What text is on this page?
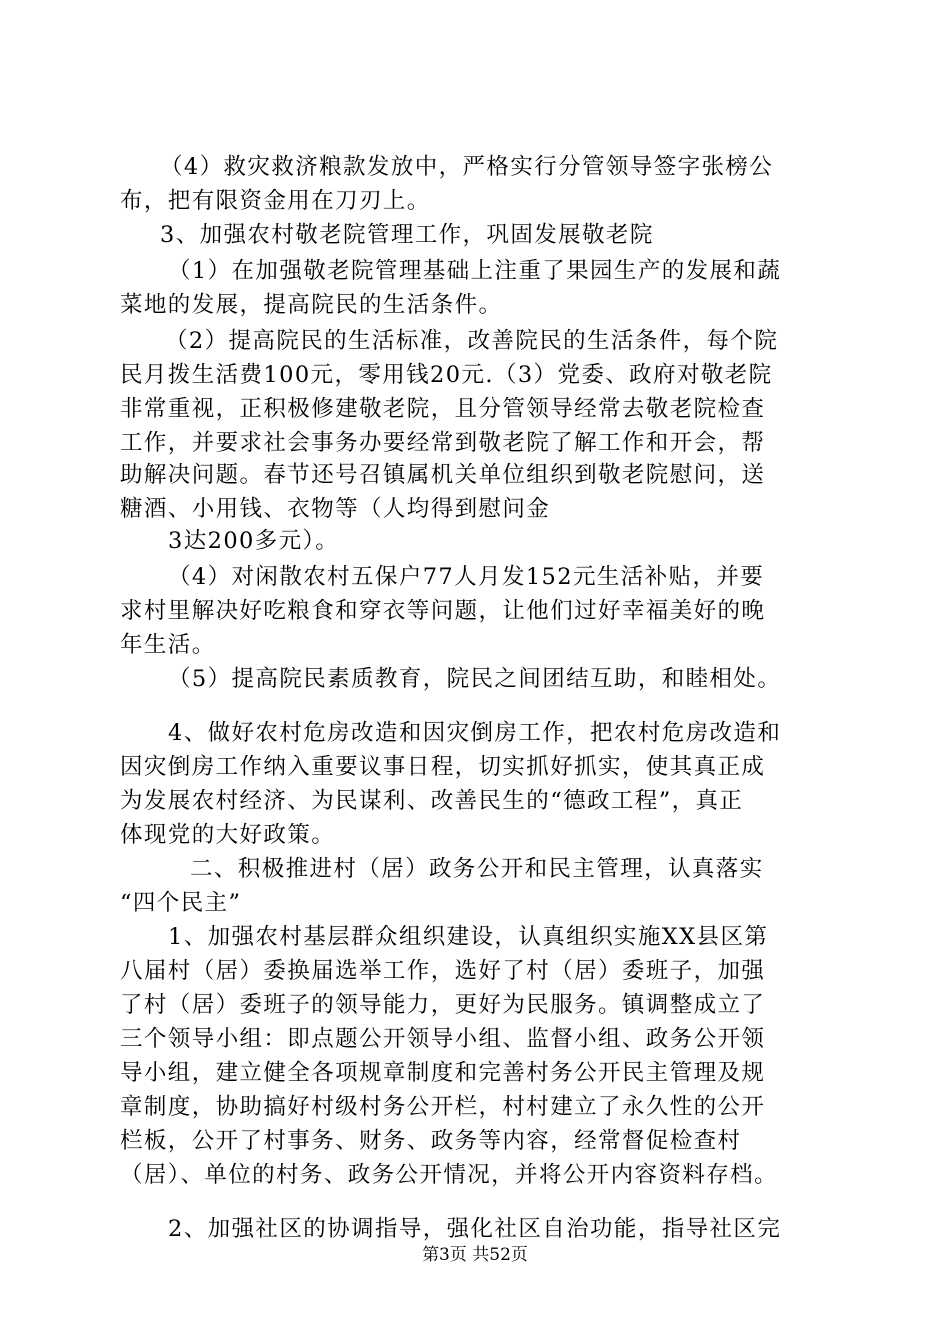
（4）救灾救济粮款发放中，严格实行分管领导签字张榜公
布，把有限资金用在刀刃上。
3、加强农村敬老院管理工作，巩固发展敬老院
（1）在加强敬老院管理基础上注重了果园生产的发展和蔬
菜地的发展，提高院民的生活条件。
（2）提高院民的生活标准，改善院民的生活条件，每个院
民月拨生活费100元，零用钱20元.（3）党委、政府对敬老院
非常重视，正积极修建敬老院，且分管领导经常去敬老院检查
工作，并要求社会事务办要经常到敬老院了解工作和开会，帮
助解决问题。春节还号召镇属机关单位组织到敬老院慰问，送
糖酒、小用钱、衣物等（人均得到慰问金
3达200多元）。
（4）对闲散农村五保户77人月发152元生活补贴，并要
求村里解决好吃粮食和穿衣等问题，让他们过好幸福美好的晚
年生活。
（5）提高院民素质教育，院民之间团结互助，和睦相处。
4、做好农村危房改造和因灾倒房工作，把农村危房改造和
因灾倒房工作纳入重要议事日程，切实抓好抓实，使其真正成
为发展农村经济、为民谋利、改善民生的“德政工程”，真正
体现党的大好政策。
二、积极推进村（居）政务公开和民主管理，认真落实
“四个民主”
1、加强农村基层群众组织建设，认真组织实施XX县区第
八届村（居）委换届选举工作，选好了村（居）委班子，加强
了村（居）委班子的领导能力，更好为民服务。镇调整成立了
三个领导小组：即点题公开领导小组、监督小组、政务公开领
导小组，建立健全各项规章制度和完善村务公开民主管理及规
章制度，协助搞好村级村务公开栏，村村建立了永久性的公开
栏板，公开了村事务、财务、政务等内容，经常督促检查村
（居）、单位的村务、政务公开情况，并将公开内容资料存档。
2、加强社区的协调指导，强化社区自治功能，指导社区完
第3页 共52页
